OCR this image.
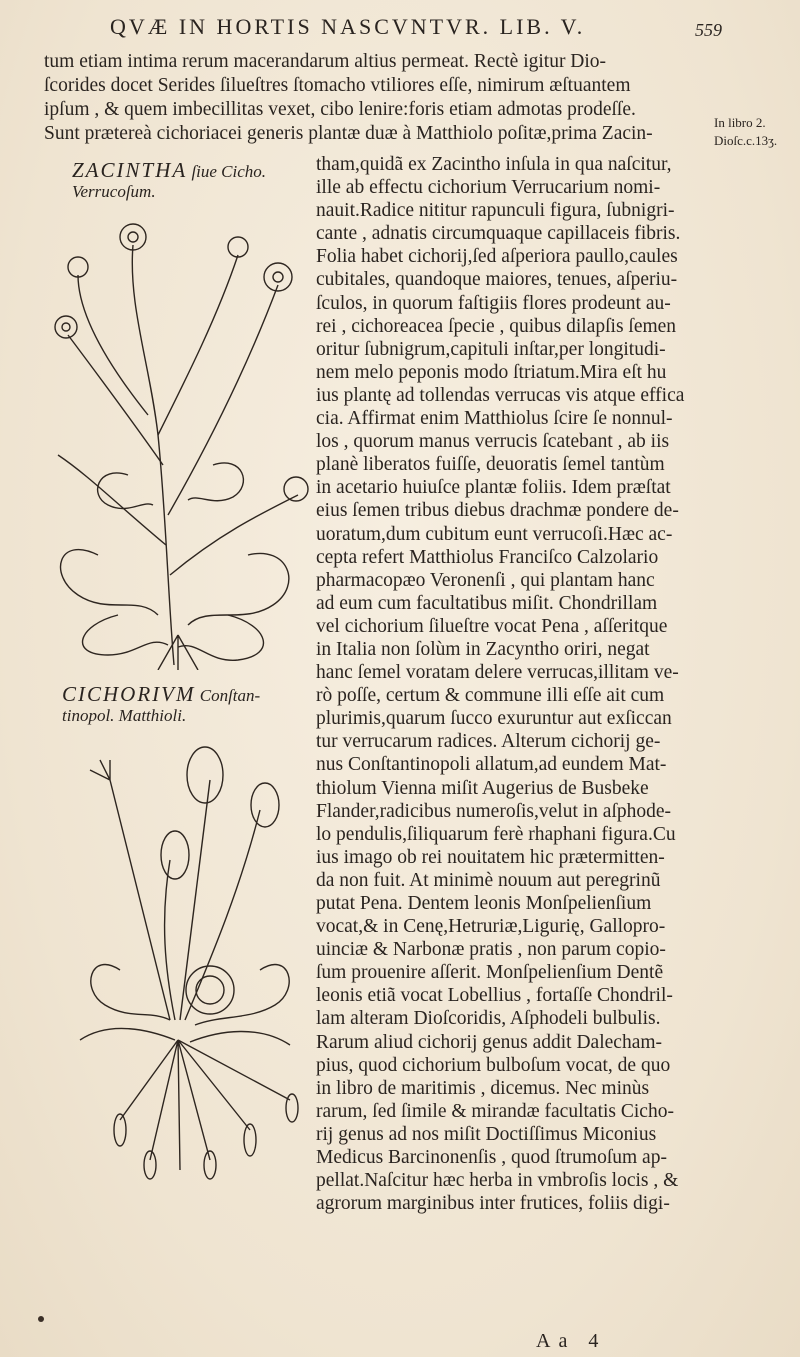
QVÆ IN HORTIS NASCVNTVR. LIB. V.	559
tum etiam intima rerum macerandarum altius permeat. Rectè igitur Dio-
ſcorides docet Serides ſilueſtres ſtomacho vtiliores eſſe, nimirum æſtuantem
ipſum , & quem imbecillitas vexet, cibo lenire:foris etiam admotas prodeſſe.
Sunt prætereà cichoriacei generis plantæ duæ à Matthiolo poſitæ,prima Zacin-
In libro 2.
Dioſc.c.13ʒ.
ZACINTHA ſiue Cicho. Verrucoſum.
CICHORIVM Conſtan- tinopol. Matthioli.
tham,quidã ex Zacintho inſula in qua naſcitur,
ille ab effectu cichorium Verrucarium nomi-
nauit.Radice nititur rapunculi figura, ſubnigri-
cante , adnatis circumquaque capillaceis fibris.
Folia habet cichorij,ſed aſperiora paullo,caules
cubitales, quandoque maiores, tenues, aſperiu-
ſculos, in quorum faſtigiis flores prodeunt au-
rei , cichoreacea ſpecie , quibus dilapſis ſemen
oritur ſubnigrum,capituli inſtar,per longitudi-
nem melo peponis modo ſtriatum.Mira eſt hu
ius plantę ad tollendas verrucas vis atque effica
cia. Affirmat enim Matthiolus ſcire ſe nonnul-
los , quorum manus verrucis ſcatebant , ab iis
planè liberatos fuiſſe, deuoratis ſemel tantùm
in acetario huiuſce plantæ foliis. Idem præſtat
eius ſemen tribus diebus drachmæ pondere de-
uoratum,dum cubitum eunt verrucoſi.Hæc ac-
cepta refert Matthiolus Franciſco Calzolario
pharmacopæo Veronenſi , qui plantam hanc
ad eum cum facultatibus miſit. Chondrillam
vel cichorium ſilueſtre vocat Pena , aſſeritque
in Italia non ſolùm in Zacyntho oriri, negat
hanc ſemel voratam delere verrucas,illitam ve-
rò poſſe, certum & commune illi eſſe ait cum
plurimis,quarum ſucco exuruntur aut exſiccan
tur verrucarum radices. Alterum cichorij ge-
nus Conſtantinopoli allatum,ad eundem Mat-
thiolum Vienna miſit Augerius de Busbeke
Flander,radicibus numeroſis,velut in aſphode-
lo pendulis,ſiliquarum ferè rhaphani figura.Cu
ius imago ob rei nouitatem hic prætermitten-
da non fuit. At minimè nouum aut peregrinũ
putat Pena. Dentem leonis Monſpelienſium
vocat,& in Cenę,Hetruriæ,Ligurię, Gallopro-
uinciæ & Narbonæ pratis , non parum copio-
ſum prouenire aſſerit. Monſpelienſium Dentẽ
leonis etiã vocat Lobellius , fortaſſe Chondril-
lam alteram Dioſcoridis, Aſphodeli bulbulis.
Rarum aliud cichorij genus addit Dalecham-
pius, quod cichorium bulboſum vocat, de quo
in libro de maritimis , dicemus. Nec minùs
rarum, ſed ſimile & mirandæ facultatis Cicho-
rij genus ad nos miſit Doctiſſimus Miconius
Medicus Barcinonenſis , quod ſtrumoſum ap-
pellat.Naſcitur hæc herba in vmbroſis locis , &
agrorum marginibus inter frutices, foliis digi-
Aa 4
